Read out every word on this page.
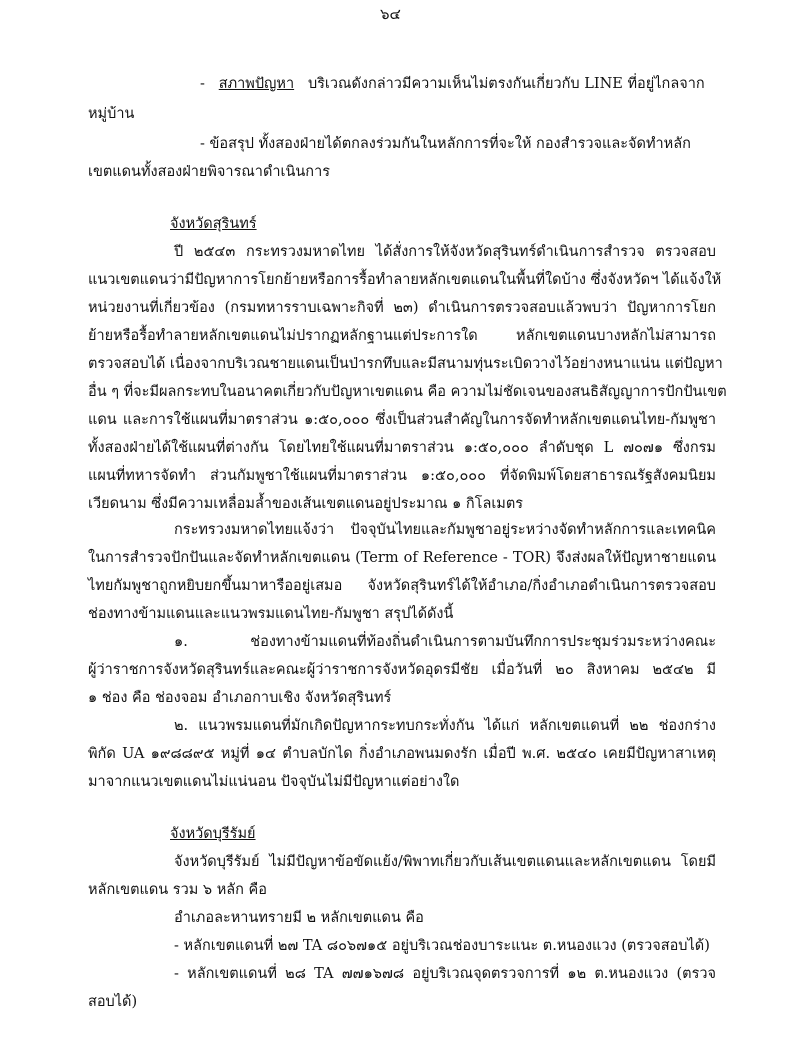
๖๔
- สภาพปัญหา บริเวณดังกล่าวมีความเห็นไม่ตรงกันเกี่ยวกับ LINE ที่อยู่ไกลจาก
หมู่บ้าน
- ข้อสรุป ทั้งสองฝ่ายได้ตกลงร่วมกันในหลักการที่จะให้ กองสำรวจและจัดทำหลัก
เขตแดนทั้งสองฝ่ายพิจารณาดำเนินการ
จังหวัดสุรินทร์
ปี ๒๕๔๓ กระทรวงมหาดไทย ได้สั่งการให้จังหวัดสุรินทร์ดำเนินการสำรวจ ตรวจสอบ
แนวเขตแดนว่ามีปัญหาการโยกย้ายหรือการรื้อทำลายหลักเขตแดนในพื้นที่ใดบ้าง ซึ่งจังหวัดฯ ได้แจ้งให้
หน่วยงานที่เกี่ยวข้อง (กรมทหารราบเฉพาะกิจที่ ๒๓) ดำเนินการตรวจสอบแล้วพบว่า ปัญหาการโยก
ย้ายหรือรื้อทำลายหลักเขตแดนไม่ปรากฏหลักฐานแต่ประการใด หลักเขตแดนบางหลักไม่สามารถ
ตรวจสอบได้ เนื่องจากบริเวณชายแดนเป็นป่ารกทึบและมีสนามทุ่นระเบิดวางไว้อย่างหนาแน่น แต่ปัญหา
อื่น ๆ ที่จะมีผลกระทบในอนาคตเกี่ยวกับปัญหาเขตแดน คือ ความไม่ชัดเจนของสนธิสัญญาการปักปันเขต
แดน และการใช้แผนที่มาตราส่วน ๑:๕๐,๐๐๐ ซึ่งเป็นส่วนสำคัญในการจัดทำหลักเขตแดนไทย-กัมพูชา
ทั้งสองฝ่ายได้ใช้แผนที่ต่างกัน โดยไทยใช้แผนที่มาตราส่วน ๑:๕๐,๐๐๐ ลำดับชุด L ๗๐๗๑ ซึ่งกรม
แผนที่ทหารจัดทำ ส่วนกัมพูชาใช้แผนที่มาตราส่วน ๑:๕๐,๐๐๐ ที่จัดพิมพ์โดยสาธารณรัฐสังคมนิยม
เวียดนาม ซึ่งมีความเหลื่อมล้ำของเส้นเขตแดนอยู่ประมาณ ๑ กิโลเมตร
กระทรวงมหาดไทยแจ้งว่า ปัจจุบันไทยและกัมพูชาอยู่ระหว่างจัดทำหลักการและเทคนิค
ในการสำรวจปักปันและจัดทำหลักเขตแดน (Term of Reference - TOR) จึงส่งผลให้ปัญหาชายแดน
ไทยกัมพูชาถูกหยิบยกขึ้นมาหารืออยู่เสมอ จังหวัดสุรินทร์ได้ให้อำเภอ/กิ่งอำเภอดำเนินการตรวจสอบ
ช่องทางข้ามแดนและแนวพรมแดนไทย-กัมพูชา สรุปได้ดังนี้
๑. ช่องทางข้ามแดนที่ท้องถิ่นดำเนินการตามบันทึกการประชุมร่วมระหว่างคณะ
ผู้ว่าราชการจังหวัดสุรินทร์และคณะผู้ว่าราชการจังหวัดอุดรมีชัย เมื่อวันที่ ๒๐ สิงหาคม ๒๕๔๒ มี
๑ ช่อง คือ ช่องจอม อำเภอกาบเชิง จังหวัดสุรินทร์
๒. แนวพรมแดนที่มักเกิดปัญหากระทบกระทั่งกัน ได้แก่ หลักเขตแดนที่ ๒๒ ช่องกร่าง
พิกัด UA ๑๙๘๘๙๕ หมู่ที่ ๑๔ ตำบลบักได กิ่งอำเภอพนมดงรัก เมื่อปี พ.ศ. ๒๕๔๐ เคยมีปัญหาสาเหตุ
มาจากแนวเขตแดนไม่แน่นอน ปัจจุบันไม่มีปัญหาแต่อย่างใด
จังหวัดบุรีรัมย์
จังหวัดบุรีรัมย์ ไม่มีปัญหาข้อขัดแย้ง/พิพาทเกี่ยวกับเส้นเขตแดนและหลักเขตแดน โดยมี
หลักเขตแดน รวม ๖ หลัก คือ
อำเภอละหานทรายมี ๒ หลักเขตแดน คือ
- หลักเขตแดนที่ ๒๗ TA ๘๐๖๗๑๕ อยู่บริเวณช่องบาระแนะ ต.หนองแวง (ตรวจสอบได้)
- หลักเขตแดนที่ ๒๘ TA ๗๗๑๖๗๘ อยู่บริเวณจุดตรวจการที่ ๑๒ ต.หนองแวง (ตรวจ
สอบได้)
